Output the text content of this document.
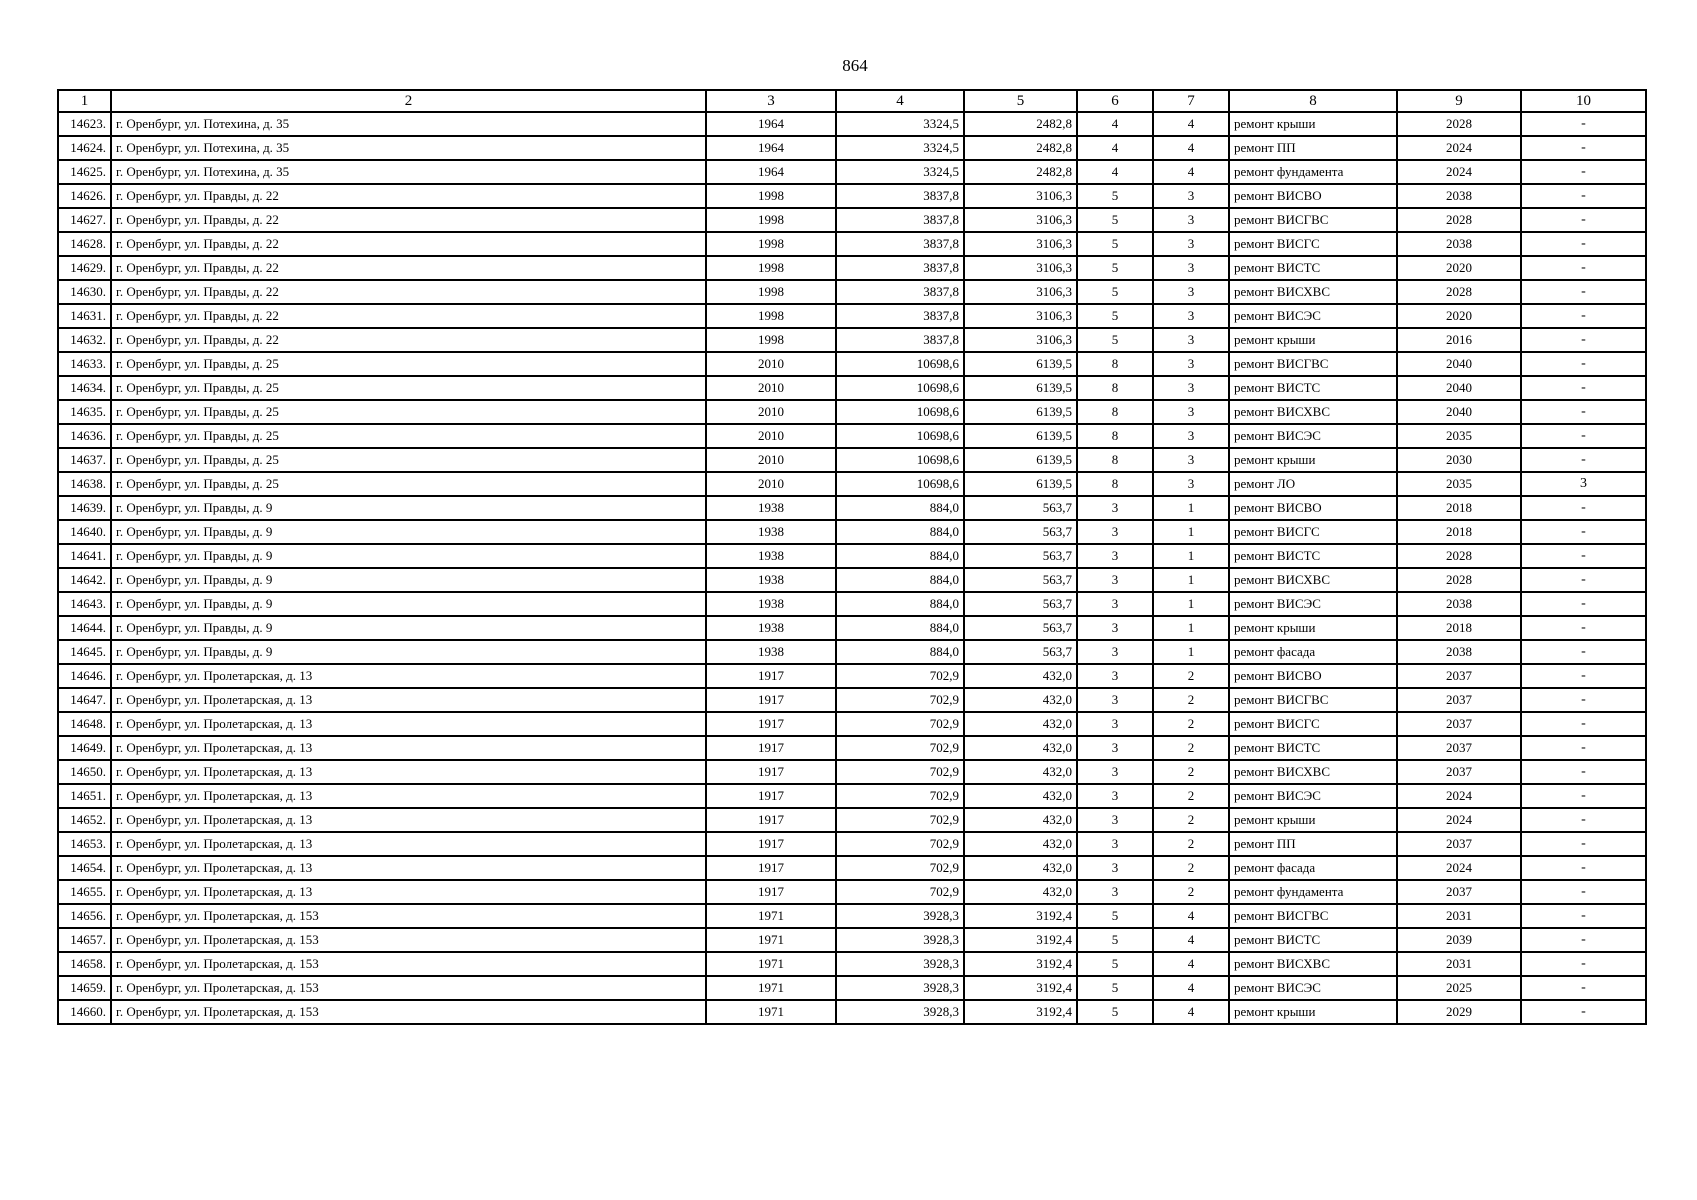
864
1	2	3	4	5	6	7	8	9	10
14623.	г. Оренбург, ул. Потехина, д. 35	1964	3324,5	2482,8	4	4	ремонт крыши	2028	-
14624.	г. Оренбург, ул. Потехина, д. 35	1964	3324,5	2482,8	4	4	ремонт ПП	2024	-
14625.	г. Оренбург, ул. Потехина, д. 35	1964	3324,5	2482,8	4	4	ремонт фундамента	2024	-
14626.	г. Оренбург, ул. Правды, д. 22	1998	3837,8	3106,3	5	3	ремонт ВИСВО	2038	-
14627.	г. Оренбург, ул. Правды, д. 22	1998	3837,8	3106,3	5	3	ремонт ВИСГВС	2028	-
14628.	г. Оренбург, ул. Правды, д. 22	1998	3837,8	3106,3	5	3	ремонт ВИСГС	2038	-
14629.	г. Оренбург, ул. Правды, д. 22	1998	3837,8	3106,3	5	3	ремонт ВИСТС	2020	-
14630.	г. Оренбург, ул. Правды, д. 22	1998	3837,8	3106,3	5	3	ремонт ВИСХВС	2028	-
14631.	г. Оренбург, ул. Правды, д. 22	1998	3837,8	3106,3	5	3	ремонт ВИСЭС	2020	-
14632.	г. Оренбург, ул. Правды, д. 22	1998	3837,8	3106,3	5	3	ремонт крыши	2016	-
14633.	г. Оренбург, ул. Правды, д. 25	2010	10698,6	6139,5	8	3	ремонт ВИСГВС	2040	-
14634.	г. Оренбург, ул. Правды, д. 25	2010	10698,6	6139,5	8	3	ремонт ВИСТС	2040	-
14635.	г. Оренбург, ул. Правды, д. 25	2010	10698,6	6139,5	8	3	ремонт ВИСХВС	2040	-
14636.	г. Оренбург, ул. Правды, д. 25	2010	10698,6	6139,5	8	3	ремонт ВИСЭС	2035	-
14637.	г. Оренбург, ул. Правды, д. 25	2010	10698,6	6139,5	8	3	ремонт крыши	2030	-
14638.	г. Оренбург, ул. Правды, д. 25	2010	10698,6	6139,5	8	3	ремонт ЛО	2035	3
14639.	г. Оренбург, ул. Правды, д. 9	1938	884,0	563,7	3	1	ремонт ВИСВО	2018	-
14640.	г. Оренбург, ул. Правды, д. 9	1938	884,0	563,7	3	1	ремонт ВИСГС	2018	-
14641.	г. Оренбург, ул. Правды, д. 9	1938	884,0	563,7	3	1	ремонт ВИСТС	2028	-
14642.	г. Оренбург, ул. Правды, д. 9	1938	884,0	563,7	3	1	ремонт ВИСХВС	2028	-
14643.	г. Оренбург, ул. Правды, д. 9	1938	884,0	563,7	3	1	ремонт ВИСЭС	2038	-
14644.	г. Оренбург, ул. Правды, д. 9	1938	884,0	563,7	3	1	ремонт крыши	2018	-
14645.	г. Оренбург, ул. Правды, д. 9	1938	884,0	563,7	3	1	ремонт фасада	2038	-
14646.	г. Оренбург, ул. Пролетарская, д. 13	1917	702,9	432,0	3	2	ремонт ВИСВО	2037	-
14647.	г. Оренбург, ул. Пролетарская, д. 13	1917	702,9	432,0	3	2	ремонт ВИСГВС	2037	-
14648.	г. Оренбург, ул. Пролетарская, д. 13	1917	702,9	432,0	3	2	ремонт ВИСГС	2037	-
14649.	г. Оренбург, ул. Пролетарская, д. 13	1917	702,9	432,0	3	2	ремонт ВИСТС	2037	-
14650.	г. Оренбург, ул. Пролетарская, д. 13	1917	702,9	432,0	3	2	ремонт ВИСХВС	2037	-
14651.	г. Оренбург, ул. Пролетарская, д. 13	1917	702,9	432,0	3	2	ремонт ВИСЭС	2024	-
14652.	г. Оренбург, ул. Пролетарская, д. 13	1917	702,9	432,0	3	2	ремонт крыши	2024	-
14653.	г. Оренбург, ул. Пролетарская, д. 13	1917	702,9	432,0	3	2	ремонт ПП	2037	-
14654.	г. Оренбург, ул. Пролетарская, д. 13	1917	702,9	432,0	3	2	ремонт фасада	2024	-
14655.	г. Оренбург, ул. Пролетарская, д. 13	1917	702,9	432,0	3	2	ремонт фундамента	2037	-
14656.	г. Оренбург, ул. Пролетарская, д. 153	1971	3928,3	3192,4	5	4	ремонт ВИСГВС	2031	-
14657.	г. Оренбург, ул. Пролетарская, д. 153	1971	3928,3	3192,4	5	4	ремонт ВИСТС	2039	-
14658.	г. Оренбург, ул. Пролетарская, д. 153	1971	3928,3	3192,4	5	4	ремонт ВИСХВС	2031	-
14659.	г. Оренбург, ул. Пролетарская, д. 153	1971	3928,3	3192,4	5	4	ремонт ВИСЭС	2025	-
14660.	г. Оренбург, ул. Пролетарская, д. 153	1971	3928,3	3192,4	5	4	ремонт крыши	2029	-
